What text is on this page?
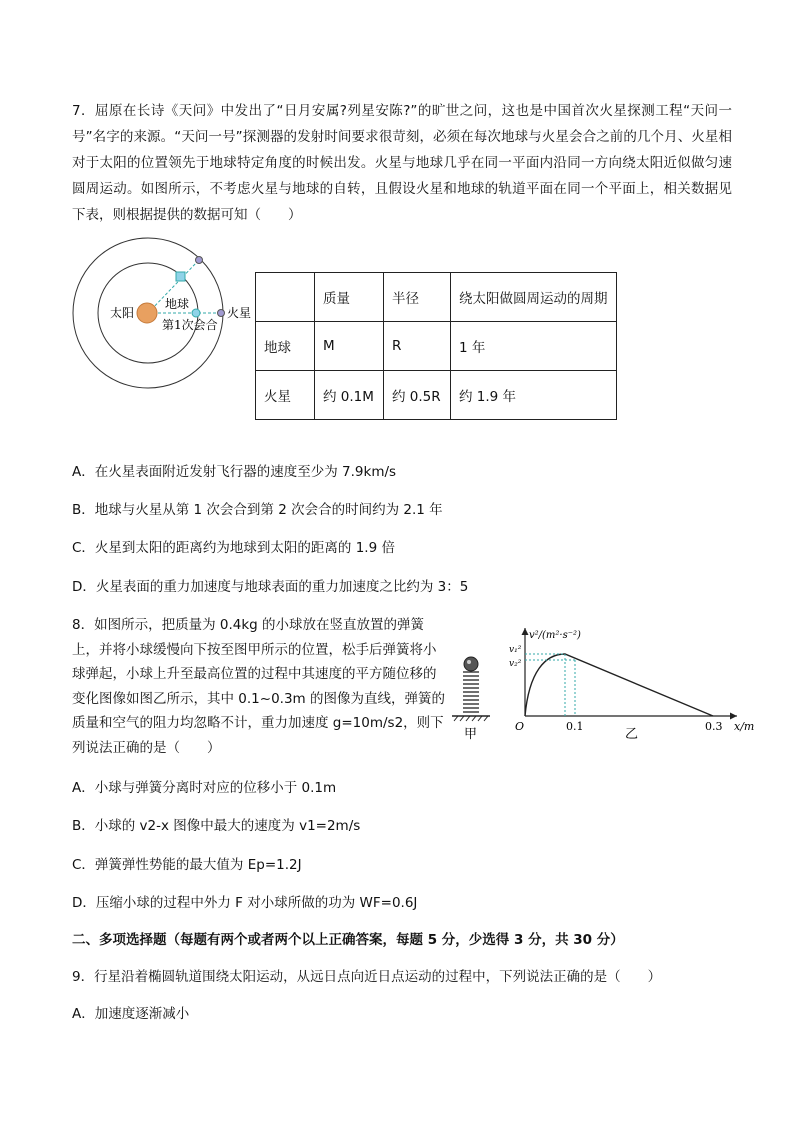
7．屈原在长诗《天问》中发出了“日月安属?列星安陈?”的旷世之问，这也是中国首次火星探测工程“天问一号”名字的来源。“天问一号”探测器的发射时间要求很苛刻，必须在每次地球与火星会合之前的几个月、火星相对于太阳的位置领先于地球特定角度的时候出发。火星与地球几乎在同一平面内沿同一方向绕太阳近似做匀速圆周运动。如图所示，不考虑火星与地球的自转，且假设火星和地球的轨道平面在同一个平面上，相关数据见下表，则根据提供的数据可知（　　）

太阳
地球
火星
第1次会合
	质量	半径	绕太阳做圆周运动的周期
地球	M	R	1 年
火星	约 0.1M	约 0.5R	约 1.9 年

A．在火星表面附近发射飞行器的速度至少为 7.9km/s

B．地球与火星从第 1 次会合到第 2 次会合的时间约为 2.1 年

C．火星到太阳的距离约为地球到太阳的距离的 1.9 倍

D．火星表面的重力加速度与地球表面的重力加速度之比约为 3：5

8．如图所示，把质量为 0.4kg 的小球放在竖直放置的弹簧上，并将小球缓慢向下按至图甲所示的位置，松手后弹簧将小球弹起，小球上升至最高位置的过程中其速度的平方随位移的变化图像如图乙所示，其中 0.1~0.3m 的图像为直线，弹簧的质量和空气的阻力均忽略不计，重力加速度 g=10m/s2，则下列说法正确的是（　　）

甲
v²/(m²·s⁻²)
v₁²
v₂²
O	0.1	0.3 x/m
乙

A．小球与弹簧分离时对应的位移小于 0.1m

B．小球的 v2-x 图像中最大的速度为 v1=2m/s

C．弹簧弹性势能的最大值为 Ep=1.2J

D．压缩小球的过程中外力 F 对小球所做的功为 WF=0.6J

二、多项选择题（每题有两个或者两个以上正确答案，每题 5 分，少选得 3 分，共 30 分）

9．行星沿着椭圆轨道围绕太阳运动，从远日点向近日点运动的过程中，下列说法正确的是（　　）

A．加速度逐渐减小
